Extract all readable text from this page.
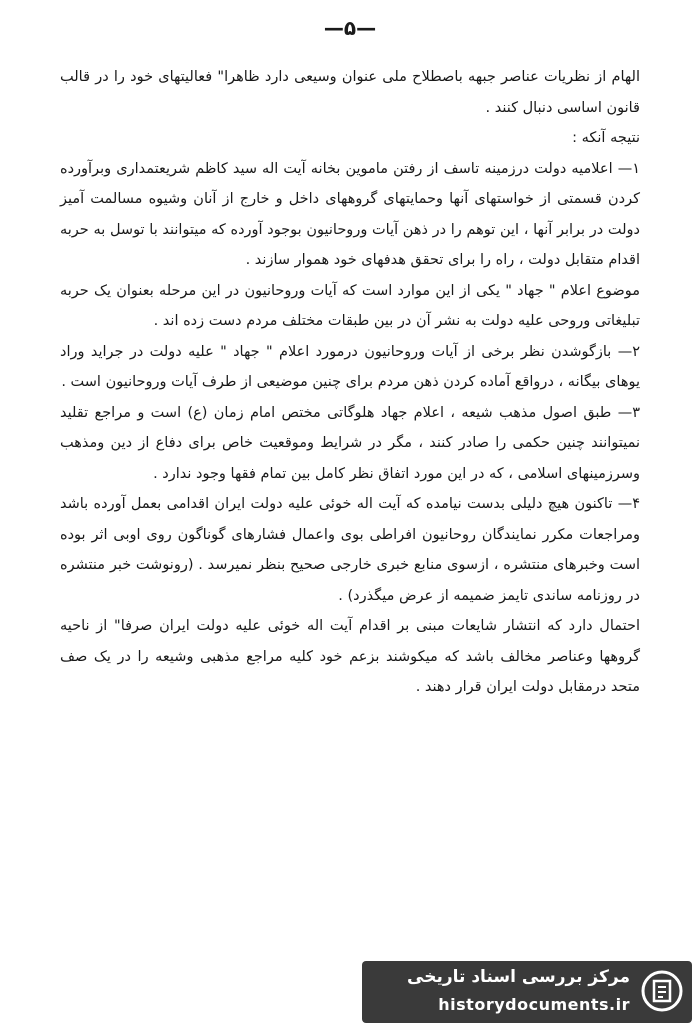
—۵—

الهام از نظریات عناصر جبهه باصطلاح ملی عنوان وسیعی دارد ظاهرا" فعالیتهای خود را در قالب قانون اساسی دنبال کنند .

نتیجه آنکه :

۱— اعلامیه دولت درزمینه تاسف از رفتن ماموین بخانه آیت اله سید کاظم شریعتمداری وبرآورده کردن قسمتی از خواستهای آنها وحمایتهای گروههای داخل و خارج از آنان وشیوه مسالمت آمیز دولت در برابر آنها ، این توهم را در ذهن آیات وروحانیون بوجود آورده که میتوانند با توسل به حربه اقدام متقابل دولت ، راه را برای تحقق هدفهای خود هموار سازند .

موضوع اعلام " جهاد " یکی از این موارد است که آیات وروحانیون در این مرحله بعنوان یک حربه تبلیغاتی وروحی علیه دولت به نشر آن در بین طبقات مختلف مردم دست زده اند .

۲— بازگوشدن نظر برخی از آیات وروحانیون درمورد اعلام " جهاد " علیه دولت در جراید وراد یوهای بیگانه ، درواقع آماده کردن ذهن مردم برای چنین موضیعی از طرف آیات وروحانیون است .

۳— طبق اصول مذهب شیعه ، اعلام جهاد هلوگاتی مختص امام زمان (ع) است و مراجع تقلید نمیتوانند چنین حکمی را صادر کنند ، مگر در شرایط وموقعیت خاص برای دفاع از دین ومذهب وسرزمینهای اسلامی ، که در این مورد اتفاق نظر کامل بین تمام فقها وجود ندارد .

۴— تاکنون هیچ دلیلی بدست نیامده که آیت اله خوئی علیه دولت ایران اقدامی بعمل آورده باشد ومراجعات مکرر نمایندگان روحانیون افراطی بوی واعمال فشارهای گوناگون روی اوبی اثر بوده است وخبرهای منتشره ، ازسوی منابع خبری خارجی صحیح بنظر نمیرسد . (رونوشت خبر منتشره در روزنامه ساندی تایمز ضمیمه از عرض میگذرد) .

احتمال دارد که انتشار شایعات مبنی بر اقدام آیت اله خوئی علیه دولت ایران صرفا" از ناحیه گروهها وعناصر مخالف باشد که میکوشند بزعم خود کلیه مراجع مذهبی وشیعه را در یک صف متحد درمقابل دولت ایران قرار دهند .

مرکز بررسی اسناد تاریخی
historydocuments.ir
